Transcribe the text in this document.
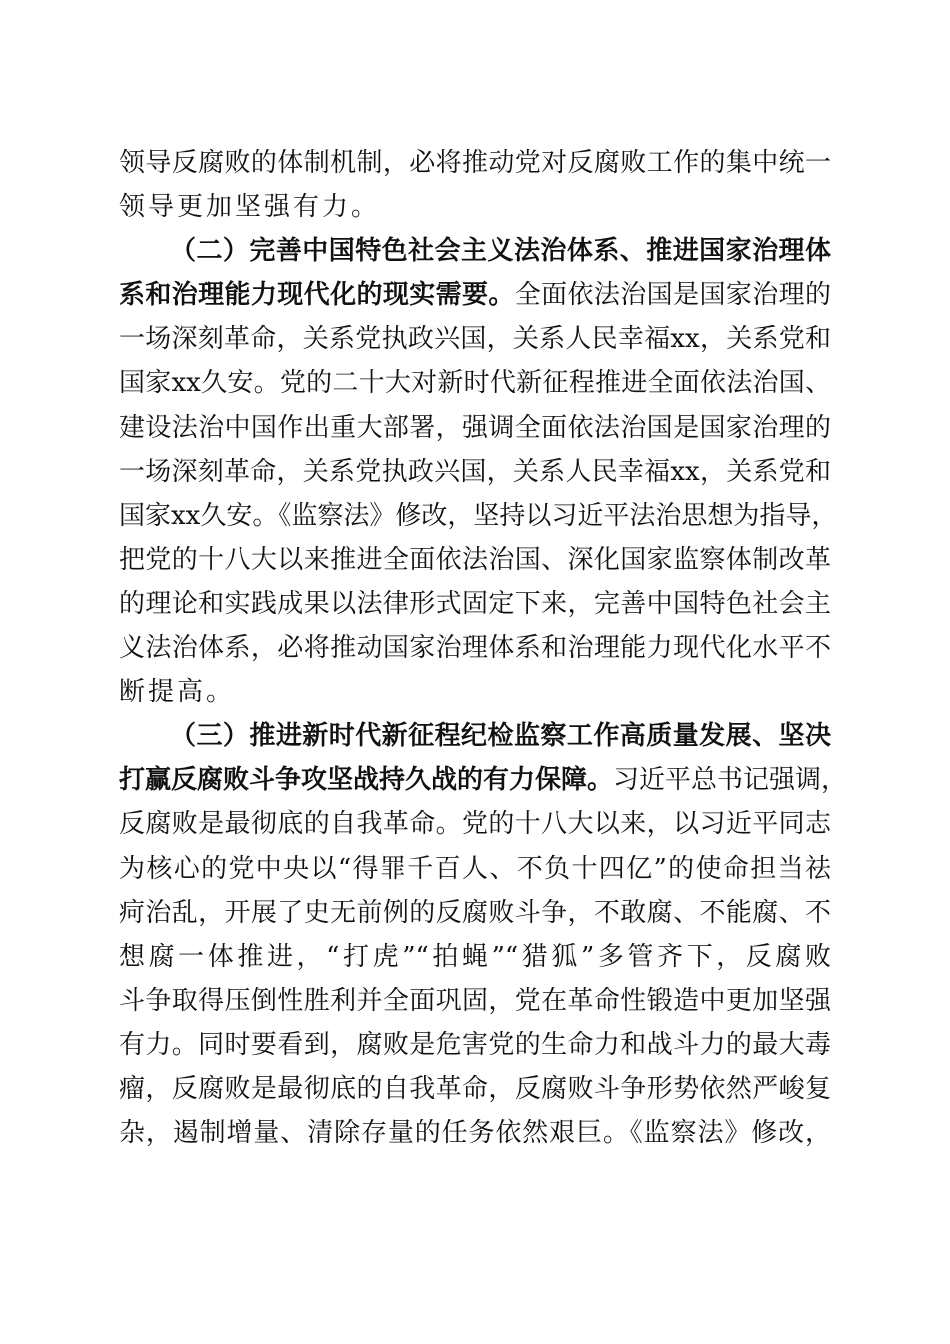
领导反腐败的体制机制，必将推动党对反腐败工作的集中统一
领导更加坚强有力。
（二）完善中国特色社会主义法治体系、推进国家治理体
系和治理能力现代化的现实需要。全面依法治国是国家治理的
一场深刻革命，关系党执政兴国，关系人民幸福xx，关系党和
国家xx久安。党的二十大对新时代新征程推进全面依法治国、
建设法治中国作出重大部署，强调全面依法治国是国家治理的
一场深刻革命，关系党执政兴国，关系人民幸福xx，关系党和
国家xx久安。《监察法》修改，坚持以习近平法治思想为指导，
把党的十八大以来推进全面依法治国、深化国家监察体制改革
的理论和实践成果以法律形式固定下来，完善中国特色社会主
义法治体系，必将推动国家治理体系和治理能力现代化水平不
断提高。
（三）推进新时代新征程纪检监察工作高质量发展、坚决
打赢反腐败斗争攻坚战持久战的有力保障。习近平总书记强调，
反腐败是最彻底的自我革命。党的十八大以来，以习近平同志
为核心的党中央以“得罪千百人、不负十四亿”的使命担当祛
疴治乱，开展了史无前例的反腐败斗争，不敢腐、不能腐、不
想腐一体推进，“打虎”“拍蝇”“猎狐”多管齐下，反腐败
斗争取得压倒性胜利并全面巩固，党在革命性锻造中更加坚强
有力。同时要看到，腐败是危害党的生命力和战斗力的最大毒
瘤，反腐败是最彻底的自我革命，反腐败斗争形势依然严峻复
杂，遏制增量、清除存量的任务依然艰巨。《监察法》修改，
